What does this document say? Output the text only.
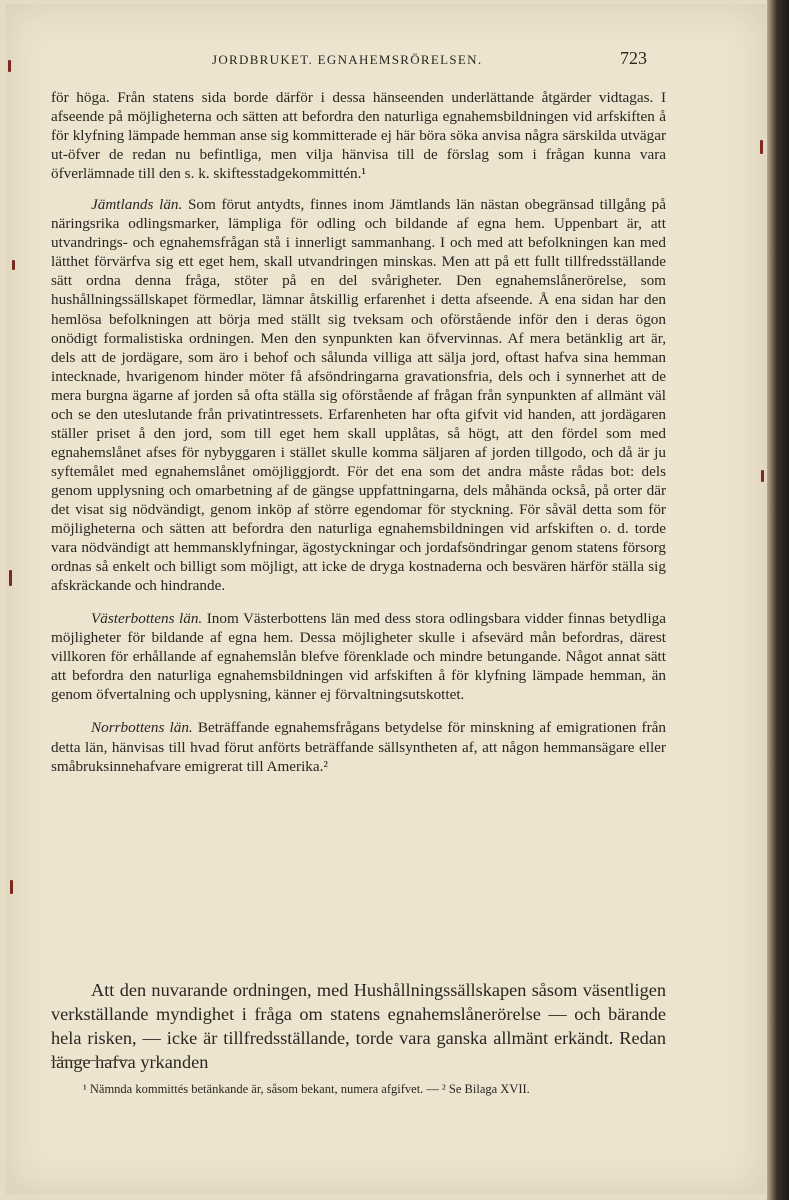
JORDBRUKET. EGNAHEMSRÖRELSEN.	723

för höga. Från statens sida borde därför i dessa hänseenden underlättande åtgärder vidtagas. I afseende på möjligheterna och sätten att befordra den naturliga egnahemsbildningen vid arfskiften å för klyfning lämpade hemman anse sig kommitterade ej här böra söka anvisa några särskilda utvägar ut-öfver de redan nu befintliga, men vilja hänvisa till de förslag som i frågan kunna vara öfverlämnade till den s. k. skiftesstadgekommittén.¹

Jämtlands län. Som förut antydts, finnes inom Jämtlands län nästan obegränsad tillgång på näringsrika odlingsmarker, lämpliga för odling och bildande af egna hem. Uppenbart är, att utvandrings- och egnahemsfrågan stå i innerligt sammanhang. I och med att befolkningen kan med lätthet förvärfva sig ett eget hem, skall utvandringen minskas. Men att på ett fullt tillfredsställande sätt ordna denna fråga, stöter på en del svårigheter. Den egnahemslånerörelse, som hushållningssällskapet förmedlar, lämnar åtskillig erfarenhet i detta afseende. Å ena sidan har den hemlösa befolkningen att börja med ställt sig tveksam och oförstående inför den i deras ögon onödigt formalistiska ordningen. Men den synpunkten kan öfvervinnas. Af mera betänklig art är, dels att de jordägare, som äro i behof och sålunda villiga att sälja jord, oftast hafva sina hemman intecknade, hvarigenom hinder möter få afsöndringarna gravationsfria, dels och i synnerhet att de mera burgna ägarne af jorden så ofta ställa sig oförstående af frågan från synpunkten af allmänt väl och se den uteslutande från privatintressets. Erfarenheten har ofta gifvit vid handen, att jordägaren ställer priset å den jord, som till eget hem skall upplåtas, så högt, att den fördel som med egnahemslånet afses för nybyggaren i stället skulle komma säljaren af jorden tillgodo, och då är ju syftemålet med egnahemslånet omöjliggjordt. För det ena som det andra måste rådas bot: dels genom upplysning och omarbetning af de gängse uppfattningarna, dels måhända också, på orter där det visat sig nödvändigt, genom inköp af större egendomar för styckning. För såväl detta som för möjligheterna och sätten att befordra den naturliga egnahemsbildningen vid arfskiften o. d. torde vara nödvändigt att hemmansklyfningar, ägostyckningar och jordafsöndringar genom statens försorg ordnas så enkelt och billigt som möjligt, att icke de dryga kostnaderna och besvären härför ställa sig afskräckande och hindrande.

Västerbottens län. Inom Västerbottens län med dess stora odlingsbara vidder finnas betydliga möjligheter för bildande af egna hem. Dessa möjligheter skulle i afsevärd mån befordras, därest villkoren för erhållande af egnahemslån blefve förenklade och mindre betungande. Något annat sätt att befordra den naturliga egnahemsbildningen vid arfskiften å för klyfning lämpade hemman, än genom öfvertalning och upplysning, känner ej förvaltningsutskottet.

Norrbottens län. Beträffande egnahemsfrågans betydelse för minskning af emigrationen från detta län, hänvisas till hvad förut anförts beträffande sällsyntheten af, att någon hemmansägare eller småbruksinnehafvare emigrerat till Amerika.²

Att den nuvarande ordningen, med Hushållningssällskapen såsom väsentligen verkställande myndighet i fråga om statens egnahemslånerörelse — och bärande hela risken, — icke är tillfredsställande, torde vara ganska allmänt erkändt. Redan länge hafva yrkanden

¹ Nämnda kommittés betänkande är, såsom bekant, numera afgifvet. — ² Se Bilaga XVII.
